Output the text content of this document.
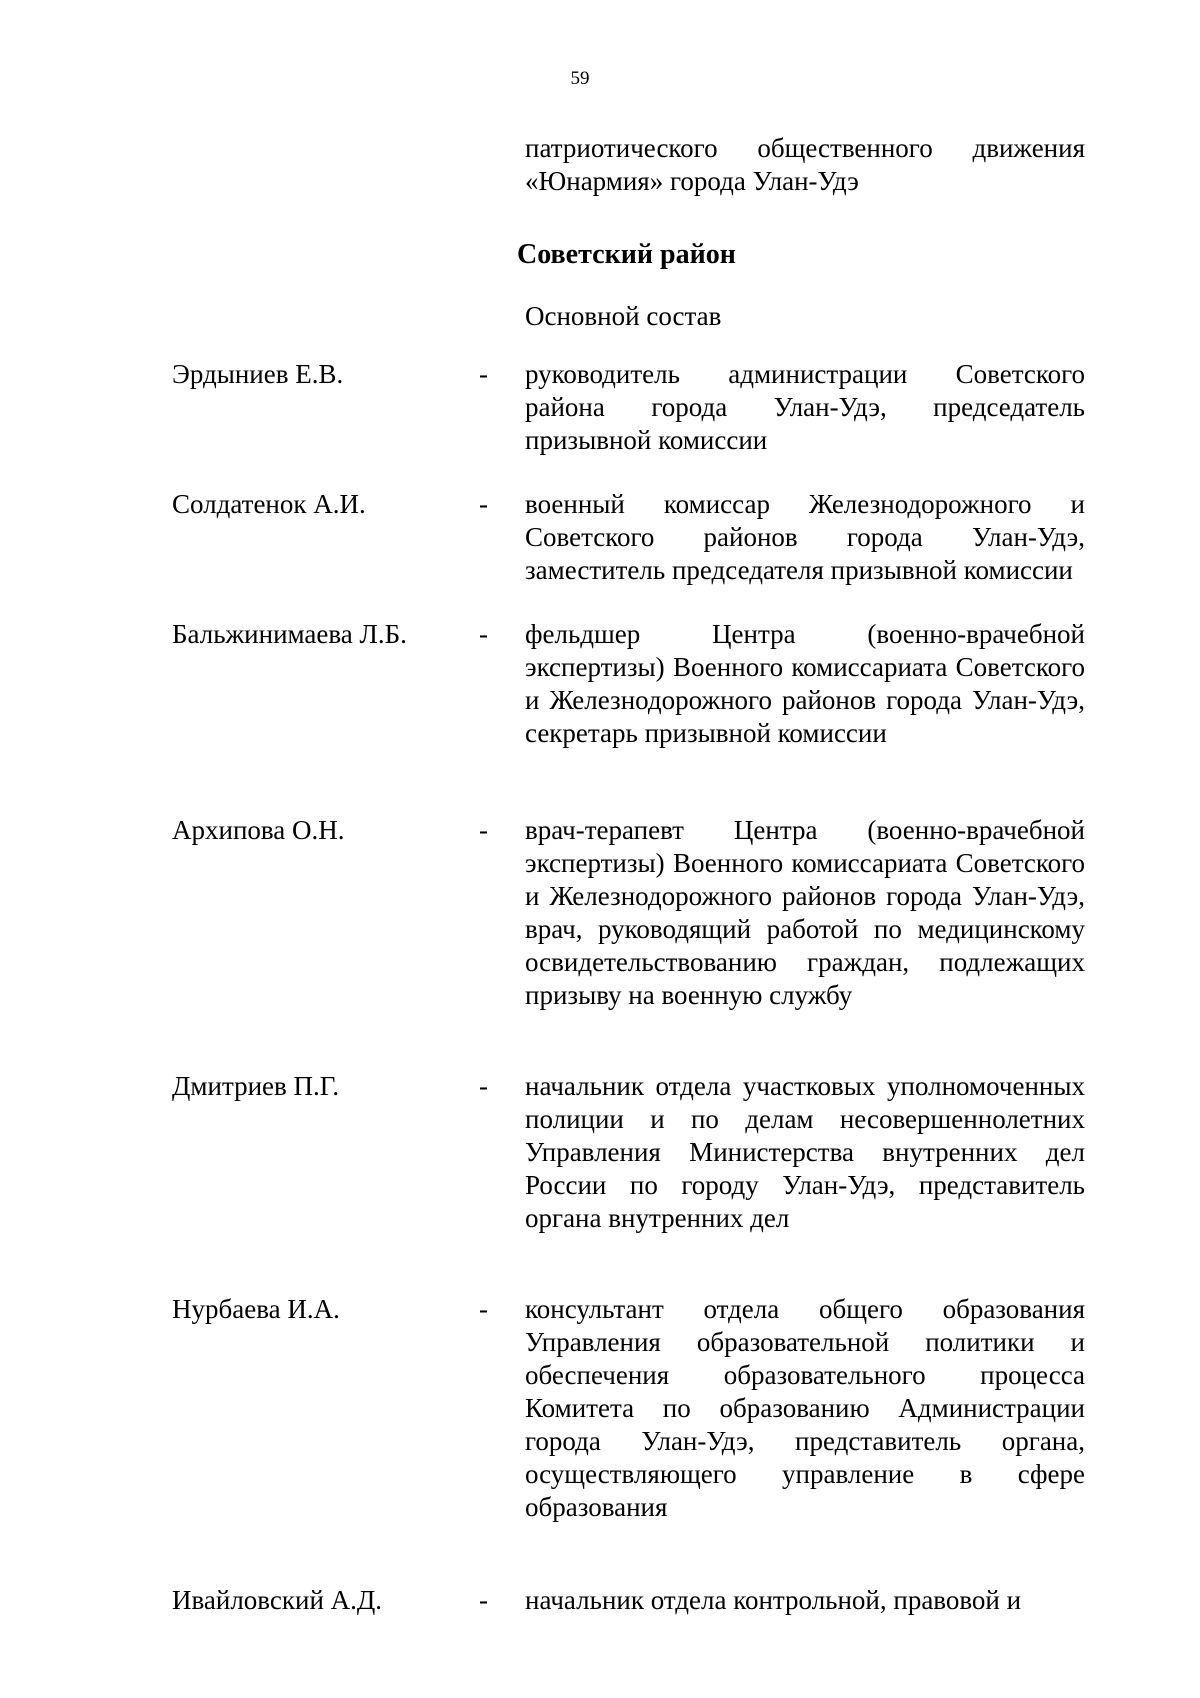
59
патриотического общественного движения «Юнармия» города Улан-Удэ
Советский район
Основной состав
Эрдыниев Е.В.	- руководитель администрации Советского района города Улан-Удэ, председатель призывной комиссии
Солдатенок А.И.	- военный комиссар Железнодорожного и Советского районов города Улан-Удэ, заместитель председателя призывной комиссии
Бальжинимаева Л.Б.	- фельдшер Центра (военно-врачебной экспертизы) Военного комиссариата Советского и Железнодорожного районов города Улан-Удэ, секретарь призывной комиссии
Архипова О.Н.	- врач-терапевт Центра (военно-врачебной экспертизы) Военного комиссариата Советского и Железнодорожного районов города Улан-Удэ, врач, руководящий работой по медицинскому освидетельствованию граждан, подлежащих призыву на военную службу
Дмитриев П.Г.	- начальник отдела участковых уполномоченных полиции и по делам несовершеннолетних Управления Министерства внутренних дел России по городу Улан-Удэ, представитель органа внутренних дел
Нурбаева И.А.	- консультант отдела общего образования Управления образовательной политики и обеспечения образовательного процесса Комитета по образованию Администрации города Улан-Удэ, представитель органа, осуществляющего управление в сфере образования
Ивайловский А.Д.	- начальник отдела контрольной, правовой и
